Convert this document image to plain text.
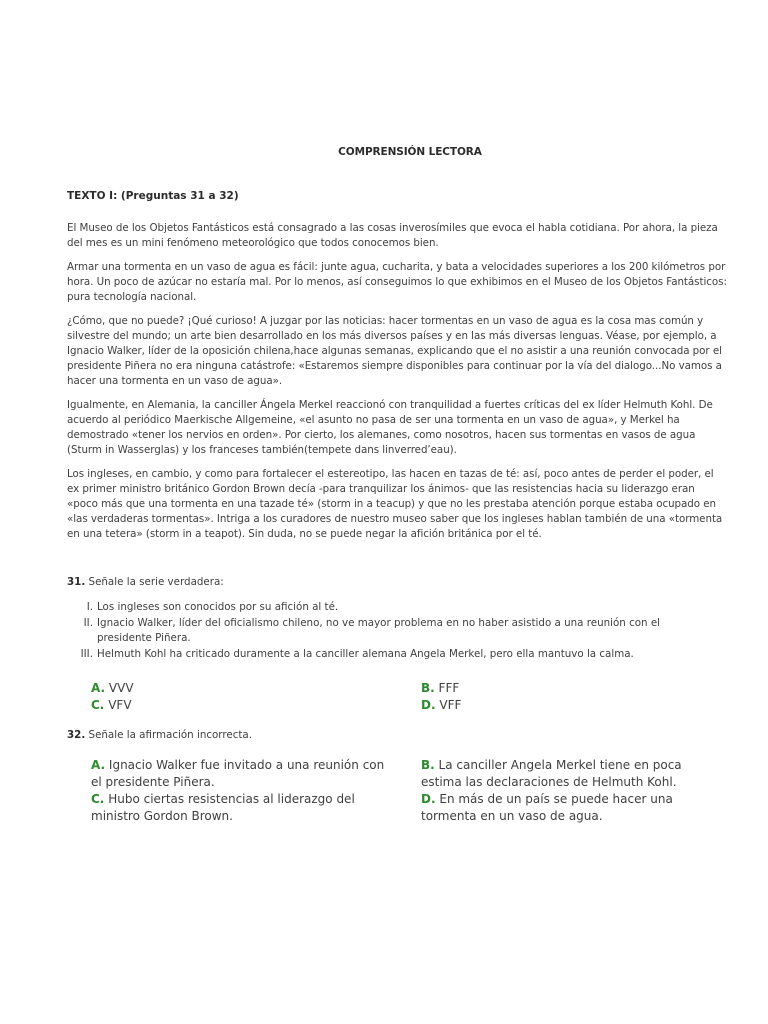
COMPRENSIÓN LECTORA
TEXTO I: (Preguntas 31 a 32)

El Museo de los Objetos Fantásticos está consagrado a las cosas inverosímiles que evoca el habla cotidiana. Por ahora, la pieza del mes es un mini fenómeno meteorológico que todos conocemos bien.

Armar una tormenta en un vaso de agua es fácil: junte agua, cucharita, y bata a velocidades superiores a los 200 kilómetros por hora. Un poco de azúcar no estaría mal. Por lo menos, así conseguimos lo que exhibimos en el Museo de los Objetos Fantásticos: pura tecnología nacional.

¿Cómo, que no puede? ¡Qué curioso! A juzgar por las noticias: hacer tormentas en un vaso de agua es la cosa mas común y silvestre del mundo; un arte bien desarrollado en los más diversos países y en las más diversas lenguas. Véase, por ejemplo, a Ignacio Walker, líder de la oposición chilena,hace algunas semanas, explicando que el no asistir a una reunión convocada por el presidente Piñera no era ninguna catástrofe: «Estaremos siempre disponibles para continuar por la vía del dialogo...No vamos a hacer una tormenta en un vaso de agua».

Igualmente, en Alemania, la canciller Ángela Merkel reaccionó con tranquilidad a fuertes críticas del ex líder Helmuth Kohl. De acuerdo al periódico Maerkische Allgemeine, «el asunto no pasa de ser una tormenta en un vaso de agua», y Merkel ha demostrado «tener los nervios en orden». Por cierto, los alemanes, como nosotros, hacen sus tormentas en vasos de agua (Sturm in Wasserglas) y los franceses también(tempete dans linverred’eau).

Los ingleses, en cambio, y como para fortalecer el estereotipo, las hacen en tazas de té: así, poco antes de perder el poder, el ex primer ministro británico Gordon Brown decía -para tranquilizar los ánimos- que las resistencias hacia su liderazgo eran «poco más que una tormenta en una tazade té» (storm in a teacup) y que no les prestaba atención porque estaba ocupado en «las verdaderas tormentas». Intriga a los curadores de nuestro museo saber que los ingleses hablan también de una «tormenta en una tetera» (storm in a teapot). Sin duda, no se puede negar la afición británica por el té.

31. Señale la serie verdadera:
I. Los ingleses son conocidos por su afición al té.
II. Ignacio Walker, líder del oficialismo chileno, no ve mayor problema en no haber asistido a una reunión con el presidente Piñera.
III. Helmuth Kohl ha criticado duramente a la canciller alemana Angela Merkel, pero ella mantuvo la calma.

A. VVV

C. VFV

B. FFF

D. VFF

32. Señale la afirmación incorrecta.

A. Ignacio Walker fue invitado a una reunión con el presidente Piñera.

C. Hubo ciertas resistencias al liderazgo del ministro Gordon Brown.

B. La canciller Angela Merkel tiene en poca estima las declaraciones de Helmuth Kohl.

D. En más de un país se puede hacer una tormenta en un vaso de agua.
